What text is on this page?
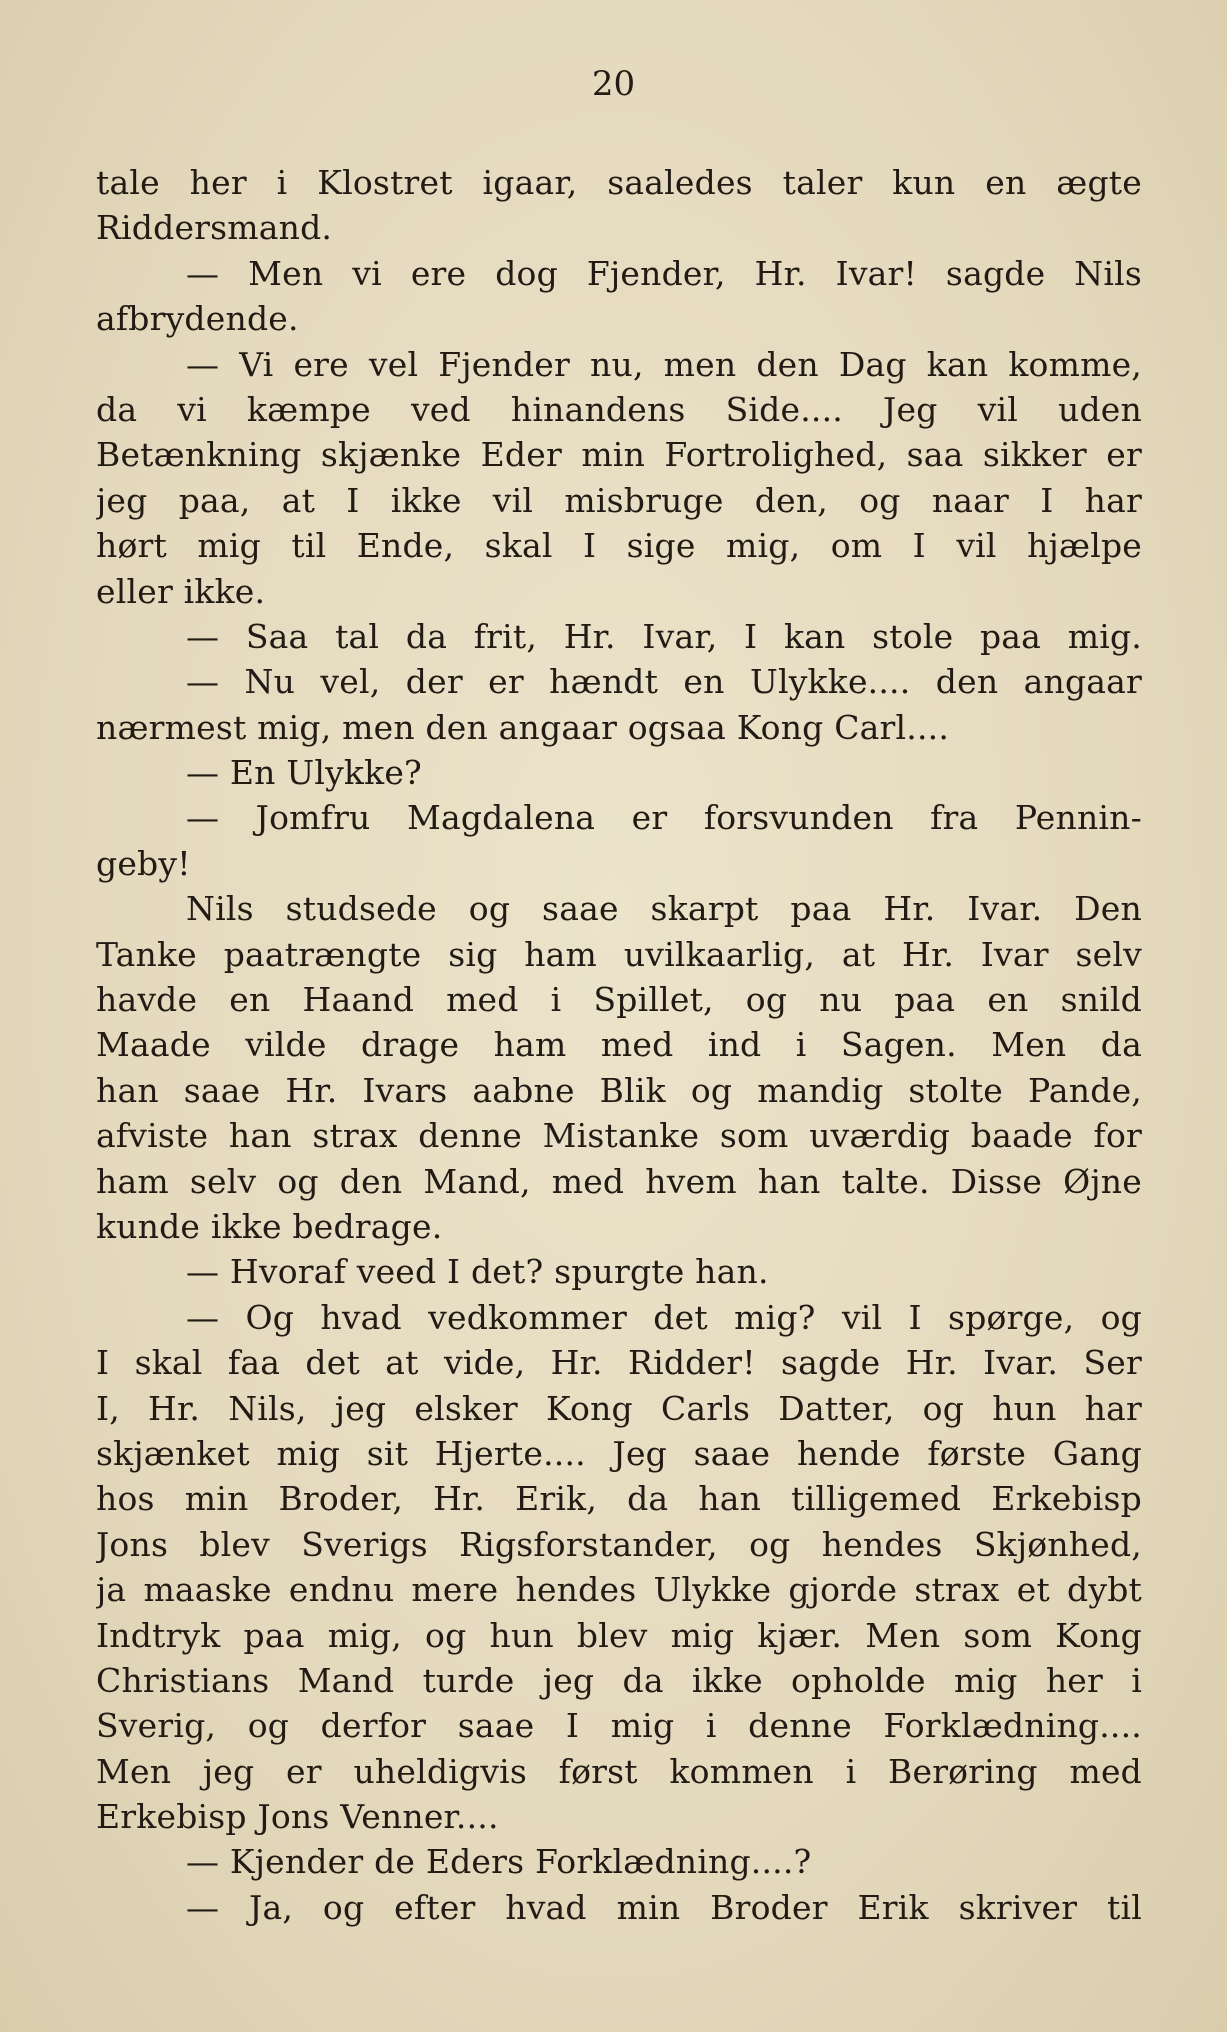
20
tale her i Klostret igaar, saaledes taler kun en ægte
Riddersmand.
— Men vi ere dog Fjender, Hr. Ivar! sagde Nils
afbrydende.
— Vi ere vel Fjender nu, men den Dag kan komme,
da vi kæmpe ved hinandens Side.... Jeg vil uden
Betænkning skjænke Eder min Fortrolighed, saa sikker er
jeg paa, at I ikke vil misbruge den, og naar I har
hørt mig til Ende, skal I sige mig, om I vil hjælpe
eller ikke.
— Saa tal da frit, Hr. Ivar, I kan stole paa mig.
— Nu vel, der er hændt en Ulykke.... den angaar
nærmest mig, men den angaar ogsaa Kong Carl....
— En Ulykke?
— Jomfru Magdalena er forsvunden fra Pennin-
geby!
Nils studsede og saae skarpt paa Hr. Ivar. Den
Tanke paatrængte sig ham uvilkaarlig, at Hr. Ivar selv
havde en Haand med i Spillet, og nu paa en snild
Maade vilde drage ham med ind i Sagen. Men da
han saae Hr. Ivars aabne Blik og mandig stolte Pande,
afviste han strax denne Mistanke som uværdig baade for
ham selv og den Mand, med hvem han talte. Disse Øjne
kunde ikke bedrage.
— Hvoraf veed I det? spurgte han.
— Og hvad vedkommer det mig? vil I spørge, og
I skal faa det at vide, Hr. Ridder! sagde Hr. Ivar. Ser
I, Hr. Nils, jeg elsker Kong Carls Datter, og hun har
skjænket mig sit Hjerte.... Jeg saae hende første Gang
hos min Broder, Hr. Erik, da han tilligemed Erkebisp
Jons blev Sverigs Rigsforstander, og hendes Skjønhed,
ja maaske endnu mere hendes Ulykke gjorde strax et dybt
Indtryk paa mig, og hun blev mig kjær. Men som Kong
Christians Mand turde jeg da ikke opholde mig her i
Sverig, og derfor saae I mig i denne Forklædning....
Men jeg er uheldigvis først kommen i Berøring med
Erkebisp Jons Venner....
— Kjender de Eders Forklædning....?
— Ja, og efter hvad min Broder Erik skriver til
